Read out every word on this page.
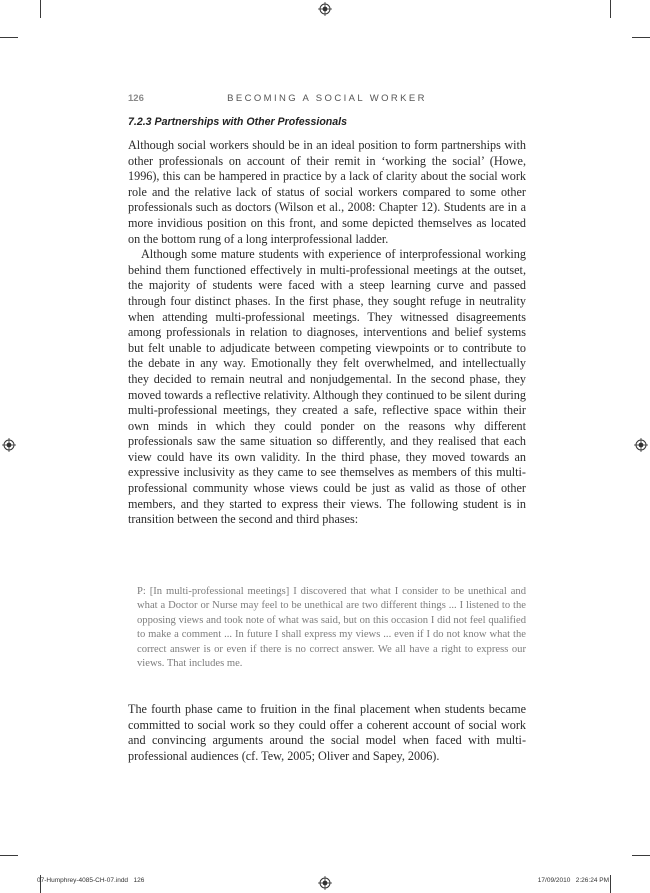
126	BECOMING A SOCIAL WORKER
7.2.3 Partnerships with Other Professionals

Although social workers should be in an ideal position to form partnerships with other professionals on account of their remit in ‘working the social’ (Howe, 1996), this can be hampered in practice by a lack of clarity about the social work role and the relative lack of status of social workers compared to some other professionals such as doctors (Wilson et al., 2008: Chapter 12). Students are in a more invidious position on this front, and some depicted themselves as located on the bottom rung of a long interprofessional ladder.

Although some mature students with experience of interprofessional working behind them functioned effectively in multi-professional meetings at the outset, the majority of students were faced with a steep learning curve and passed through four distinct phases. In the first phase, they sought refuge in neutrality when attending multi-professional meetings. They witnessed disagreements among professionals in relation to diagnoses, interventions and belief systems but felt unable to adjudicate between competing viewpoints or to contribute to the debate in any way. Emotionally they felt overwhelmed, and intellectually they decided to remain neutral and nonjudgemental. In the second phase, they moved towards a reflective relativity. Although they continued to be silent during multi-professional meetings, they created a safe, reflective space within their own minds in which they could ponder on the reasons why different professionals saw the same situation so differently, and they realised that each view could have its own validity. In the third phase, they moved towards an expressive inclusivity as they came to see themselves as members of this multi-professional community whose views could be just as valid as those of other members, and they started to express their views. The following student is in transition between the second and third phases:

P: [In multi-professional meetings] I discovered that what I consider to be unethical and what a Doctor or Nurse may feel to be unethical are two different things ... I listened to the opposing views and took note of what was said, but on this occasion I did not feel qualified to make a comment ... In future I shall express my views ... even if I do not know what the correct answer is or even if there is no correct answer. We all have a right to express our views. That includes me.

The fourth phase came to fruition in the final placement when students became committed to social work so they could offer a coherent account of social work and convincing arguments around the social model when faced with multi-professional audiences (cf. Tew, 2005; Oliver and Sapey, 2006).

07-Humphrey-4085-CH-07.indd   126	17/09/2010   2:26:24 PM
